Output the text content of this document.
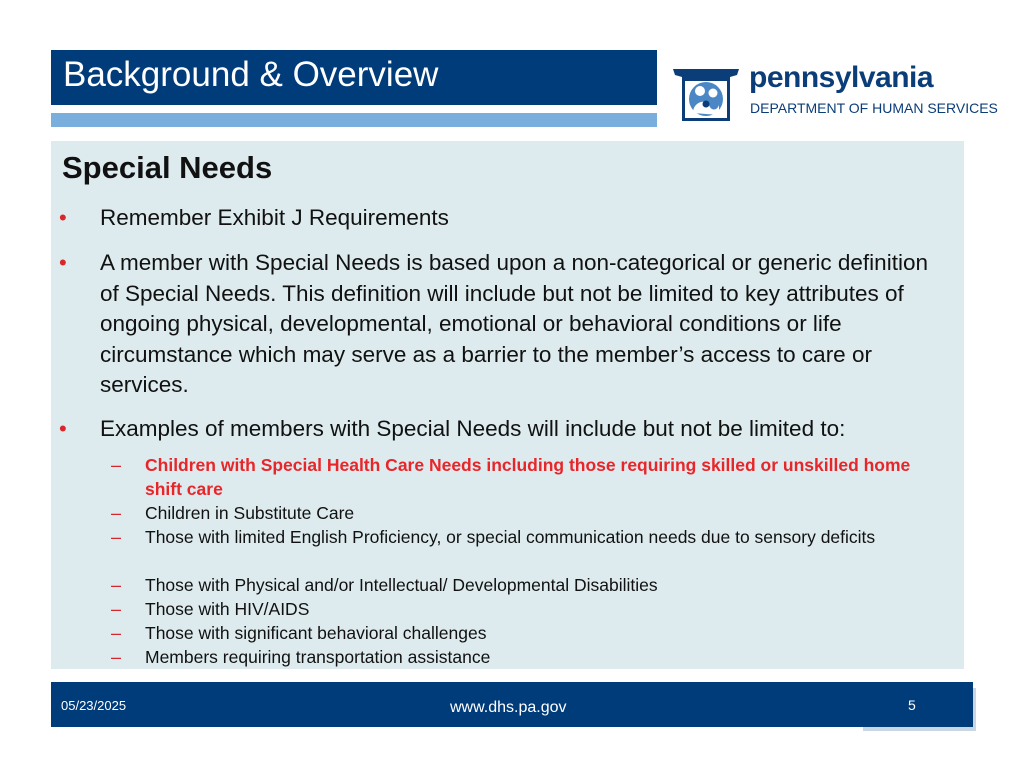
Background & Overview	pennsylvania
DEPARTMENT OF HUMAN SERVICES
Special Needs
• Remember Exhibit J Requirements
• A member with Special Needs is based upon a non-categorical or generic definition of Special Needs. This definition will include but not be limited to key attributes of ongoing physical, developmental, emotional or behavioral conditions or life circumstance which may serve as a barrier to the member’s access to care or services.
• Examples of members with Special Needs will include but not be limited to:
– Children with Special Health Care Needs including those requiring skilled or unskilled home shift care
– Children in Substitute Care
– Those with limited English Proficiency, or special communication needs due to sensory deficits
– Those with Physical and/or Intellectual/ Developmental Disabilities
– Those with HIV/AIDS
– Those with significant behavioral challenges
– Members requiring transportation assistance
05/23/2025	www.dhs.pa.gov	5
